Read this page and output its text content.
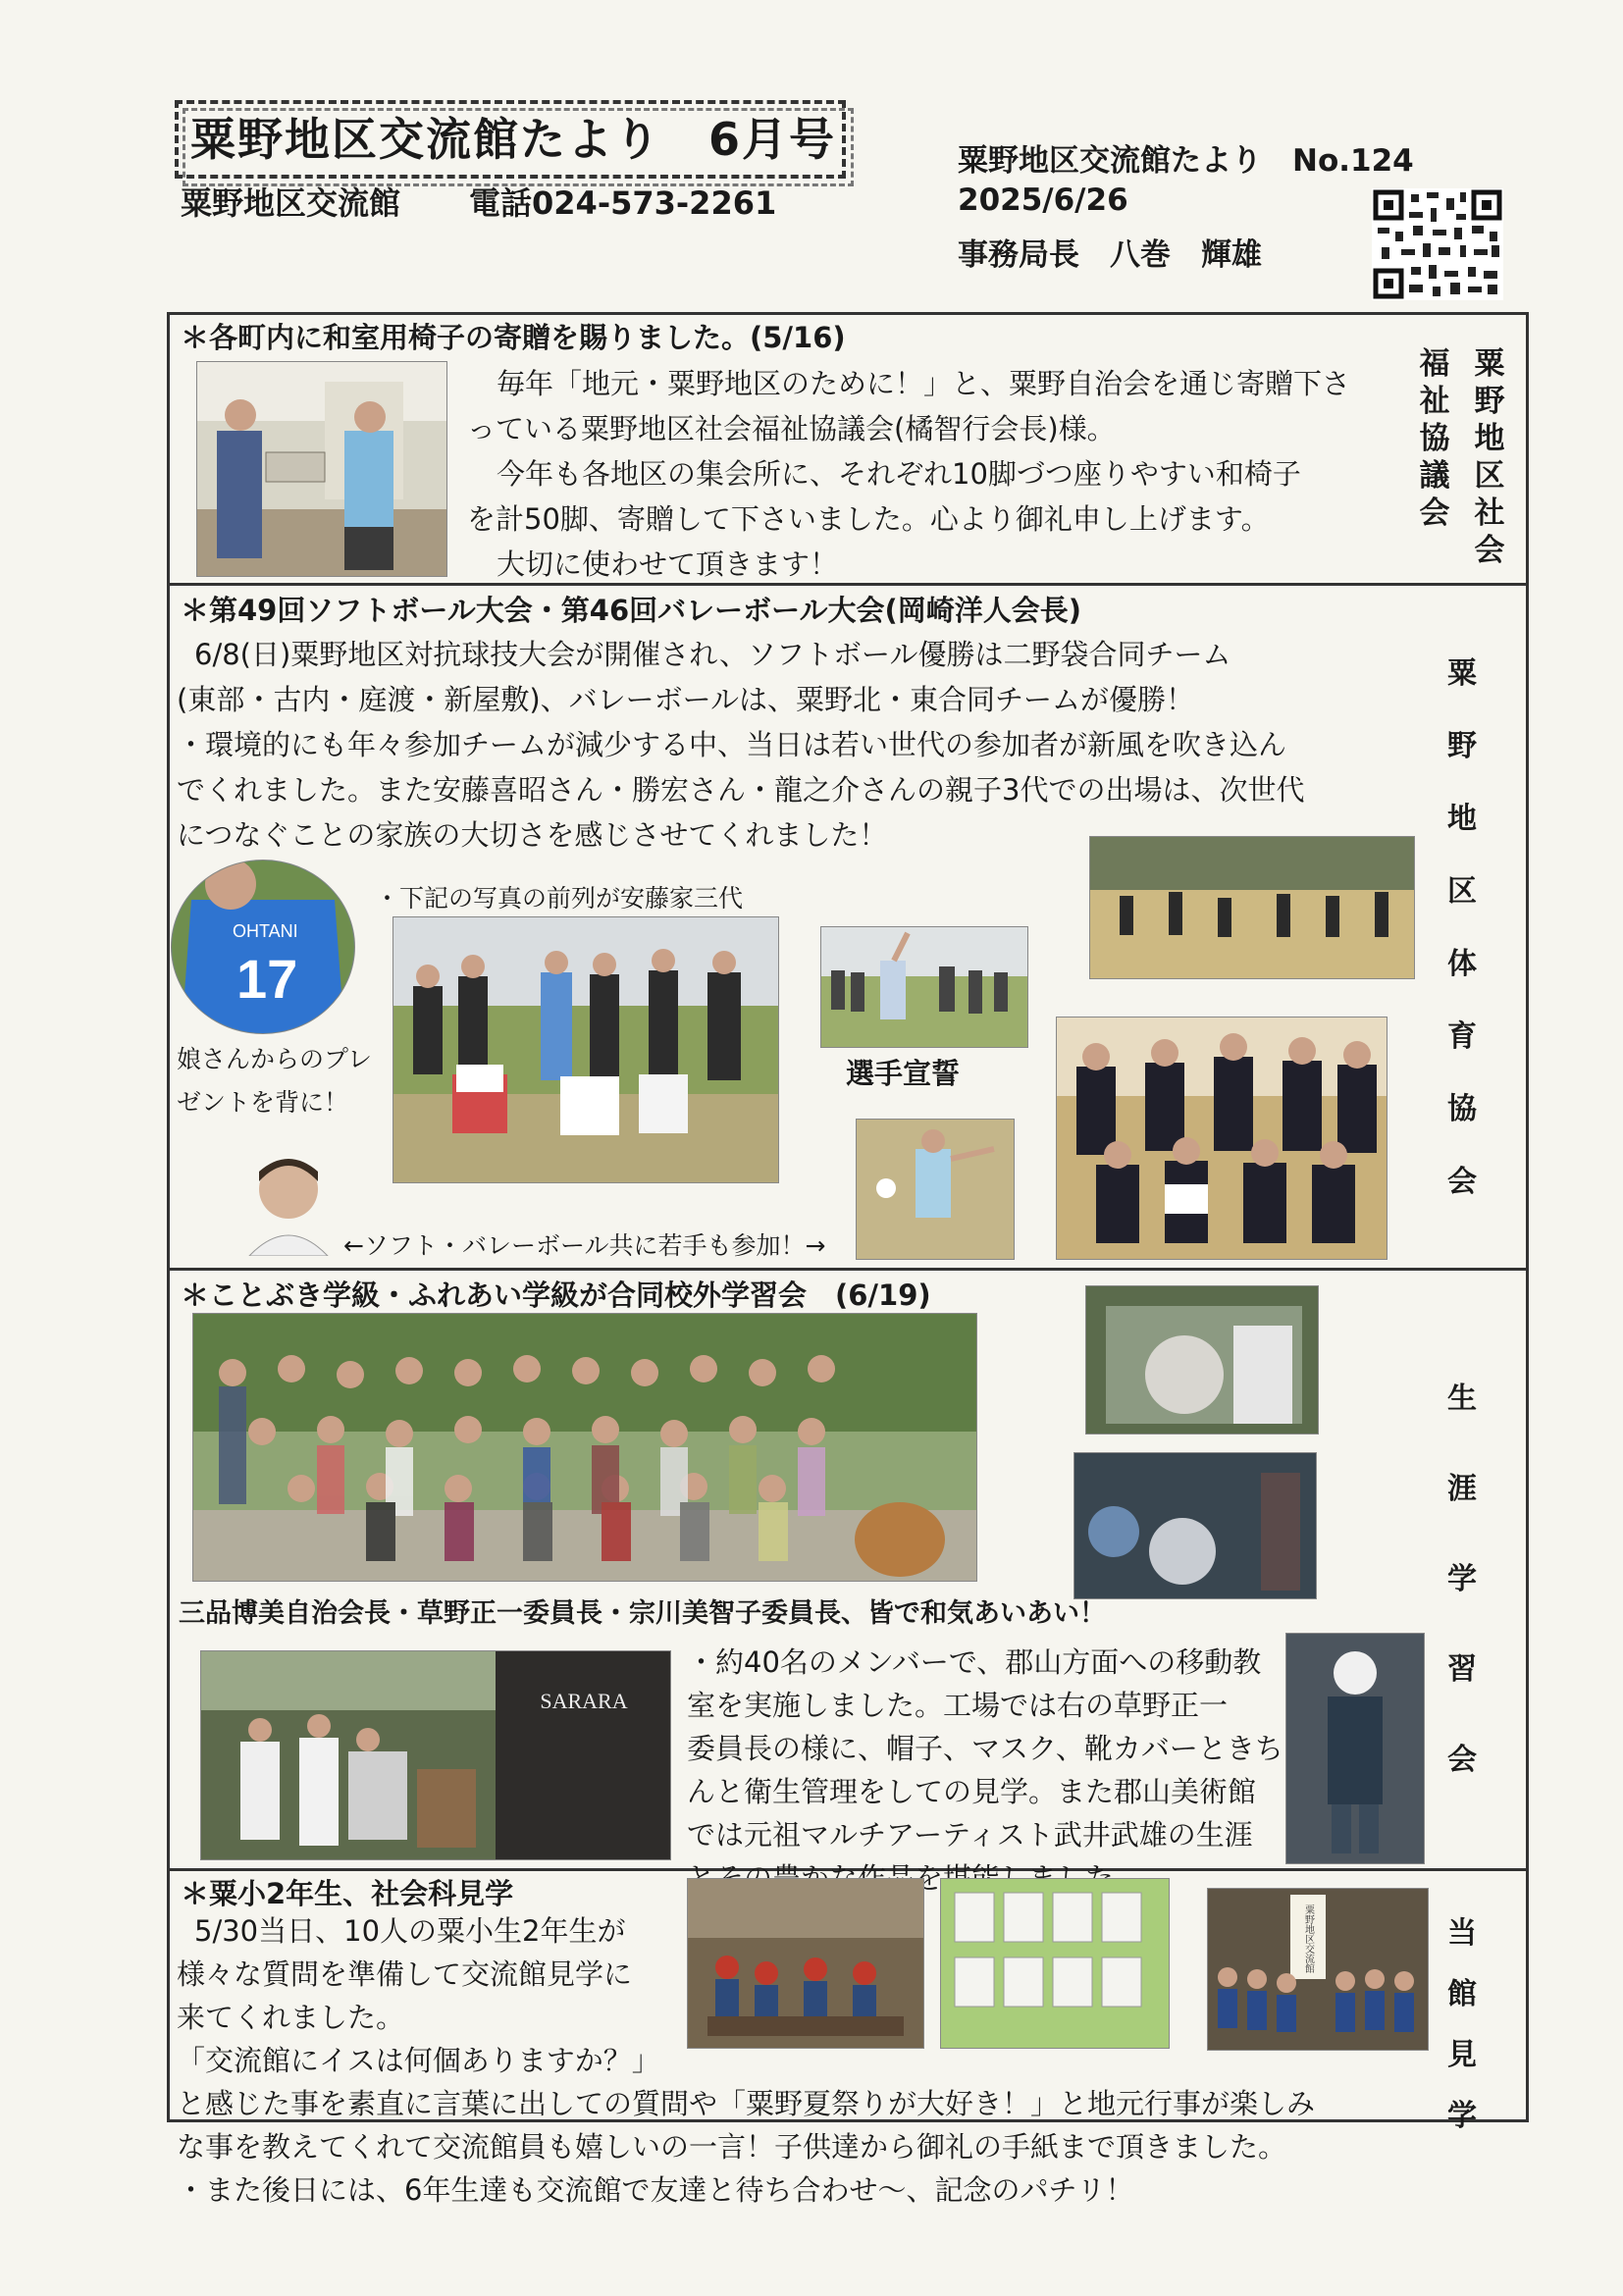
粟野地区交流館たより　6月号
粟野地区交流館 電話024-573-2261
粟野地区交流館たより　No.124
2025/6/26
事務局長　八巻　輝雄
＊各町内に和室用椅子の寄贈を賜りました。(5/16)
毎年「地元・粟野地区のために！」と、粟野自治会を通じ寄贈下さ
っている粟野地区社会福祉協議会(橘智行会長)様。
今年も各地区の集会所に、それぞれ10脚づつ座りやすい和椅子
を計50脚、寄贈して下さいました。心より御礼申し上げます。
大切に使わせて頂きます！
粟野地区社会
福祉協議会
＊第49回ソフトボール大会・第46回バレーボール大会(岡崎洋人会長)
6/8(日)粟野地区対抗球技大会が開催され、ソフトボール優勝は二野袋合同チーム
(東部・古内・庭渡・新屋敷)、バレーボールは、粟野北・東合同チームが優勝！
・環境的にも年々参加チームが減少する中、当日は若い世代の参加者が新風を吹き込ん
でくれました。また安藤喜昭さん・勝宏さん・龍之介さんの親子3代での出場は、次世代
につなぐことの家族の大切さを感じさせてくれました！
・下記の写真の前列が安藤家三代
OHTANI
17
娘さんからのプレ
ゼントを背に！
←ソフト・バレーボール共に若手も参加！→
選手宣誓
粟野地区体育協会
＊ことぶき学級・ふれあい学級が合同校外学習会　(6/19)
三品博美自治会長・草野正一委員長・宗川美智子委員長、皆で和気あいあい！
SARARA
・約40名のメンバーで、郡山方面への移動教
室を実施しました。工場では右の草野正一
委員長の様に、帽子、マスク、靴カバーときち
んと衛生管理をしての見学。また郡山美術館
では元祖マルチアーティスト武井武雄の生涯
生涯学習会
＊粟小2年生、社会科見学
5/30当日、10人の粟小生2年生が
様々な質問を準備して交流館見学に
来てくれました。
「交流館にイスは何個ありますか？」
と感じた事を素直に言葉に出しての質問や「粟野夏祭りが大好き！」と地元行事が楽しみ
な事を教えてくれて交流館員も嬉しいの一言！子供達から御礼の手紙まで頂きました。
・また後日には、6年生達も交流館で友達と待ち合わせ～、記念のパチリ！
粟野地区交流館	当館見学
